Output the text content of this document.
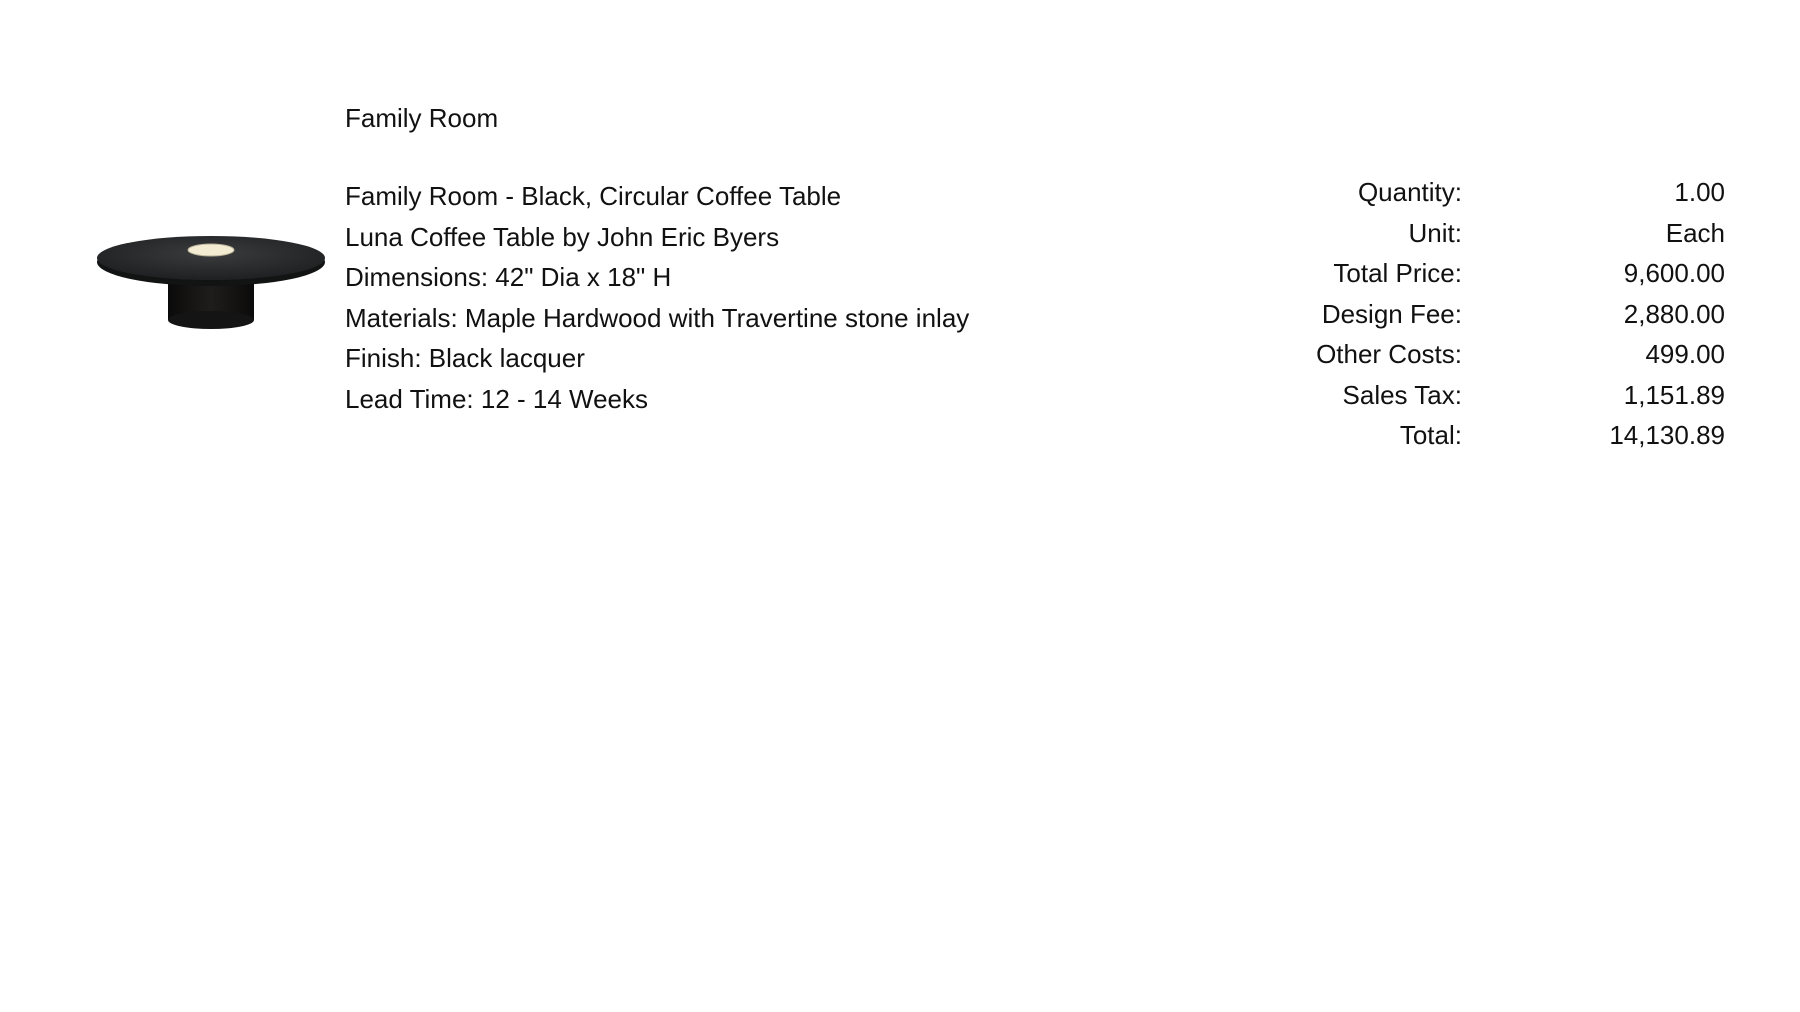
Family Room
Family Room - Black, Circular Coffee Table
Luna Coffee Table by John Eric Byers
Dimensions: 42" Dia x 18" H
Materials: Maple Hardwood with Travertine stone inlay
Finish: Black lacquer
Lead Time: 12 - 14 Weeks
Quantity:	1.00
Unit:	Each
Total Price:	9,600.00
Design Fee:	2,880.00
Other Costs:	499.00
Sales Tax:	1,151.89
Total:	14,130.89
